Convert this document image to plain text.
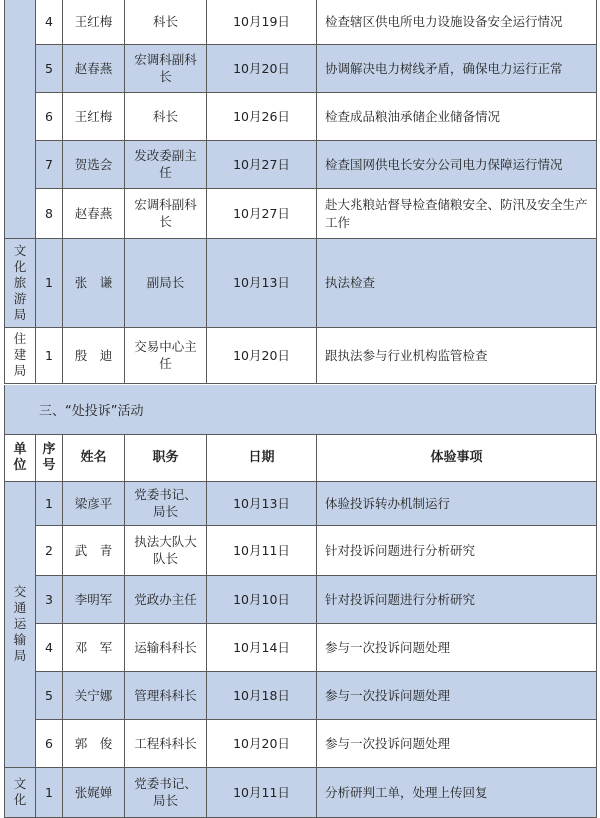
	4	王红梅	科长	10月19日	检查辖区供电所电力设施设备安全运行情况
	5	赵春燕	宏调科副科长	10月20日	协调解决电力树线矛盾，确保电力运行正常
	6	王红梅	科长	10月26日	检查成品粮油承储企业储备情况
	7	贺选会	发改委副主任	10月27日	检查国网供电长安分公司电力保障运行情况
	8	赵春燕	宏调科副科长	10月27日	赴大兆粮站督导检查储粮安全、防汛及安全生产工作
文化旅游局	1	张　谦	副局长	10月13日	执法检查
住建局	1	殷　迪	交易中心主任	10月20日	跟执法参与行业机构监管检查
三、“处投诉”活动
单位	序号	姓名	职务	日期	体验事项
交通运输局	1	梁彦平	党委书记、局长	10月13日	体验投诉转办机制运行
	2	武　青	执法大队大队长	10月11日	针对投诉问题进行分析研究
	3	李明军	党政办主任	10月10日	针对投诉问题进行分析研究
	4	邓　军	运输科科长	10月14日	参与一次投诉问题处理
	5	关宁娜	管理科科长	10月18日	参与一次投诉问题处理
	6	郭　俊	工程科科长	10月20日	参与一次投诉问题处理
文化	1	张娓婵	党委书记、局长	10月11日	分析研判工单，处理上传回复
